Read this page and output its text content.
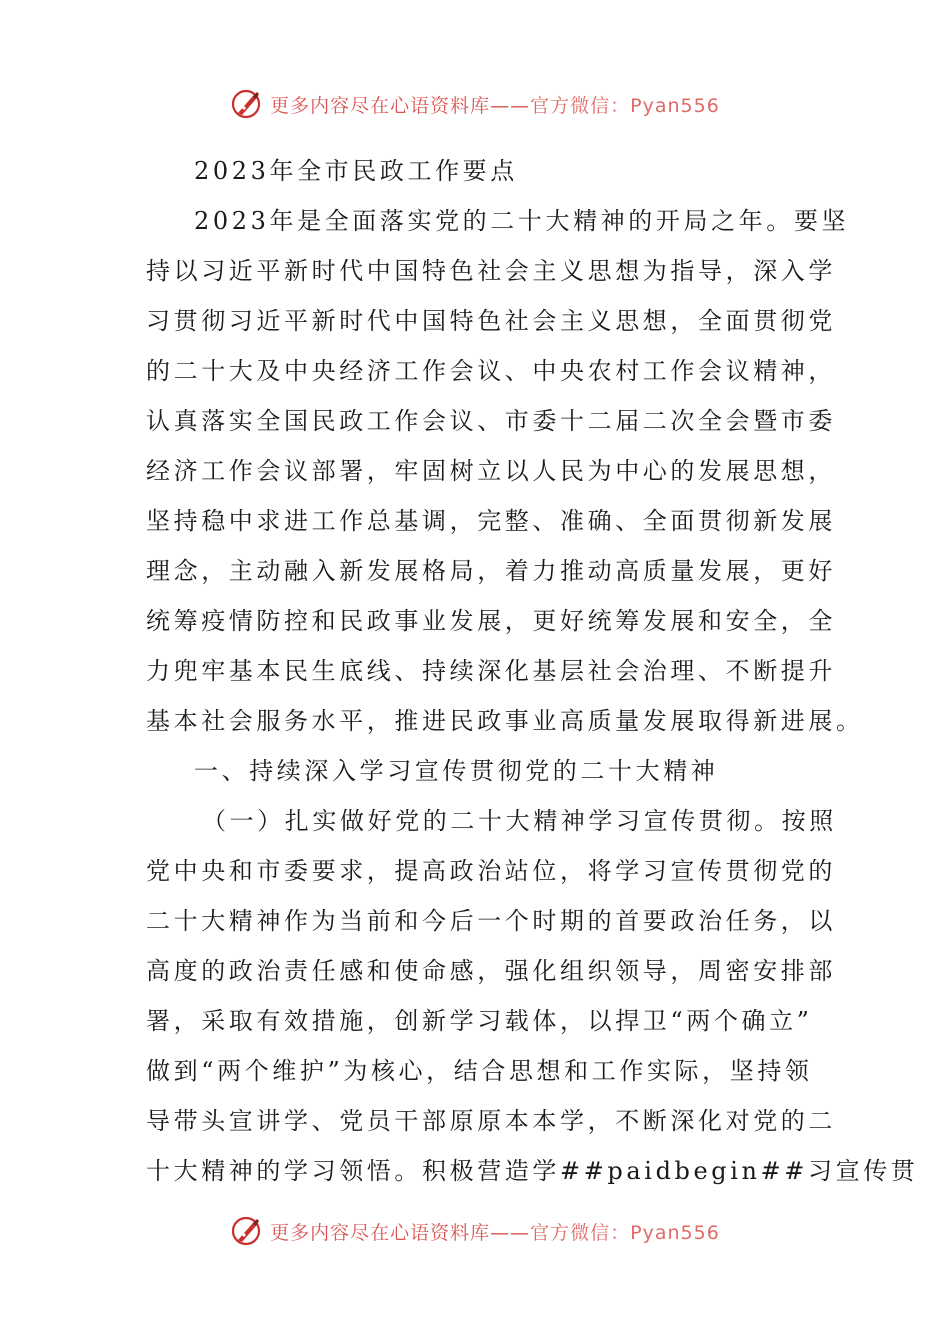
更多内容尽在心语资料库——官方微信：Pyan556
2023年全市民政工作要点
2023年是全面落实党的二十大精神的开局之年。要坚
持以习近平新时代中国特色社会主义思想为指导，深入学
习贯彻习近平新时代中国特色社会主义思想，全面贯彻党
的二十大及中央经济工作会议、中央农村工作会议精神，
认真落实全国民政工作会议、市委十二届二次全会暨市委
经济工作会议部署，牢固树立以人民为中心的发展思想，
坚持稳中求进工作总基调，完整、准确、全面贯彻新发展
理念，主动融入新发展格局，着力推动高质量发展，更好
统筹疫情防控和民政事业发展，更好统筹发展和安全，全
力兜牢基本民生底线、持续深化基层社会治理、不断提升
基本社会服务水平，推进民政事业高质量发展取得新进展。
一、持续深入学习宣传贯彻党的二十大精神
（一）扎实做好党的二十大精神学习宣传贯彻。按照
党中央和市委要求，提高政治站位，将学习宣传贯彻党的
二十大精神作为当前和今后一个时期的首要政治任务，以
高度的政治责任感和使命感，强化组织领导，周密安排部
署，采取有效措施，创新学习载体，以捍卫“两个确立”
做到“两个维护”为核心，结合思想和工作实际，坚持领
导带头宣讲学、党员干部原原本本学，不断深化对党的二
十大精神的学习领悟。积极营造学##paidbegin##习宣传贯
更多内容尽在心语资料库——官方微信：Pyan556
